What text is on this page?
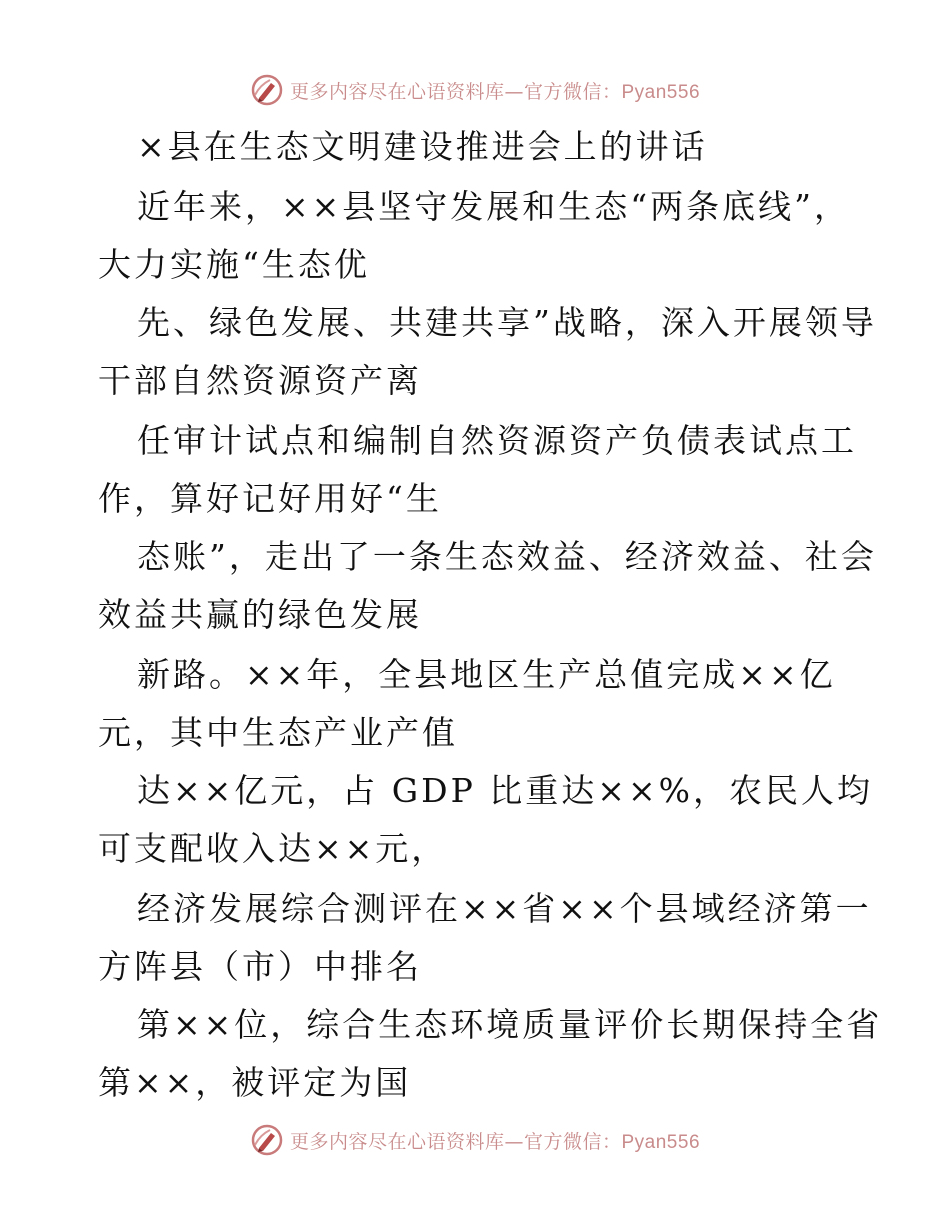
更多内容尽在心语资料库—官方微信：Pyan556
×县在生态文明建设推进会上的讲话
近年来，××县坚守发展和生态“两条底线”，
大力实施“生态优
先、绿色发展、共建共享”战略，深入开展领导
干部自然资源资产离
任审计试点和编制自然资源资产负债表试点工
作，算好记好用好“生
态账”，走出了一条生态效益、经济效益、社会
效益共赢的绿色发展
新路。××年，全县地区生产总值完成××亿
元，其中生态产业产值
达××亿元，占 GDP 比重达××%，农民人均
可支配收入达××元，
经济发展综合测评在××省××个县域经济第一
方阵县（市）中排名
第××位，综合生态环境质量评价长期保持全省
第××，被评定为国
更多内容尽在心语资料库—官方微信：Pyan556
